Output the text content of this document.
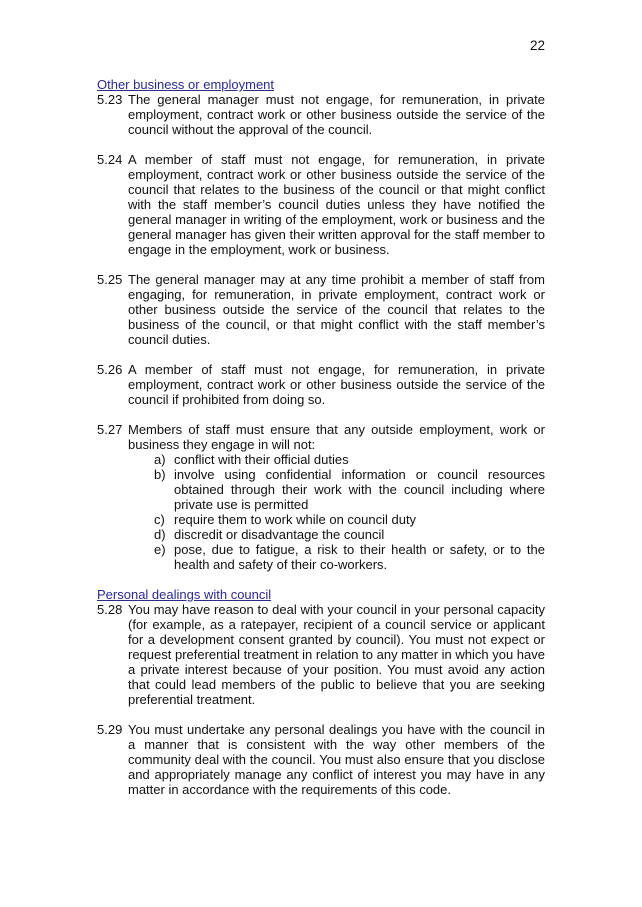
22

Other business or employment

5.23 The general manager must not engage, for remuneration, in private employment, contract work or other business outside the service of the council without the approval of the council.
5.24 A member of staff must not engage, for remuneration, in private employment, contract work or other business outside the service of the council that relates to the business of the council or that might conflict with the staff member’s council duties unless they have notified the general manager in writing of the employment, work or business and the general manager has given their written approval for the staff member to engage in the employment, work or business.
5.25 The general manager may at any time prohibit a member of staff from engaging, for remuneration, in private employment, contract work or other business outside the service of the council that relates to the business of the council, or that might conflict with the staff member’s council duties.
5.26 A member of staff must not engage, for remuneration, in private employment, contract work or other business outside the service of the council if prohibited from doing so.
5.27 Members of staff must ensure that any outside employment, work or business they engage in will not:
a) conflict with their official duties
b) involve using confidential information or council resources obtained through their work with the council including where private use is permitted
c) require them to work while on council duty
d) discredit or disadvantage the council
e) pose, due to fatigue, a risk to their health or safety, or to the health and safety of their co-workers.

Personal dealings with council

5.28 You may have reason to deal with your council in your personal capacity (for example, as a ratepayer, recipient of a council service or applicant for a development consent granted by council). You must not expect or request preferential treatment in relation to any matter in which you have a private interest because of your position. You must avoid any action that could lead members of the public to believe that you are seeking preferential treatment.
5.29 You must undertake any personal dealings you have with the council in a manner that is consistent with the way other members of the community deal with the council. You must also ensure that you disclose and appropriately manage any conflict of interest you may have in any matter in accordance with the requirements of this code.
